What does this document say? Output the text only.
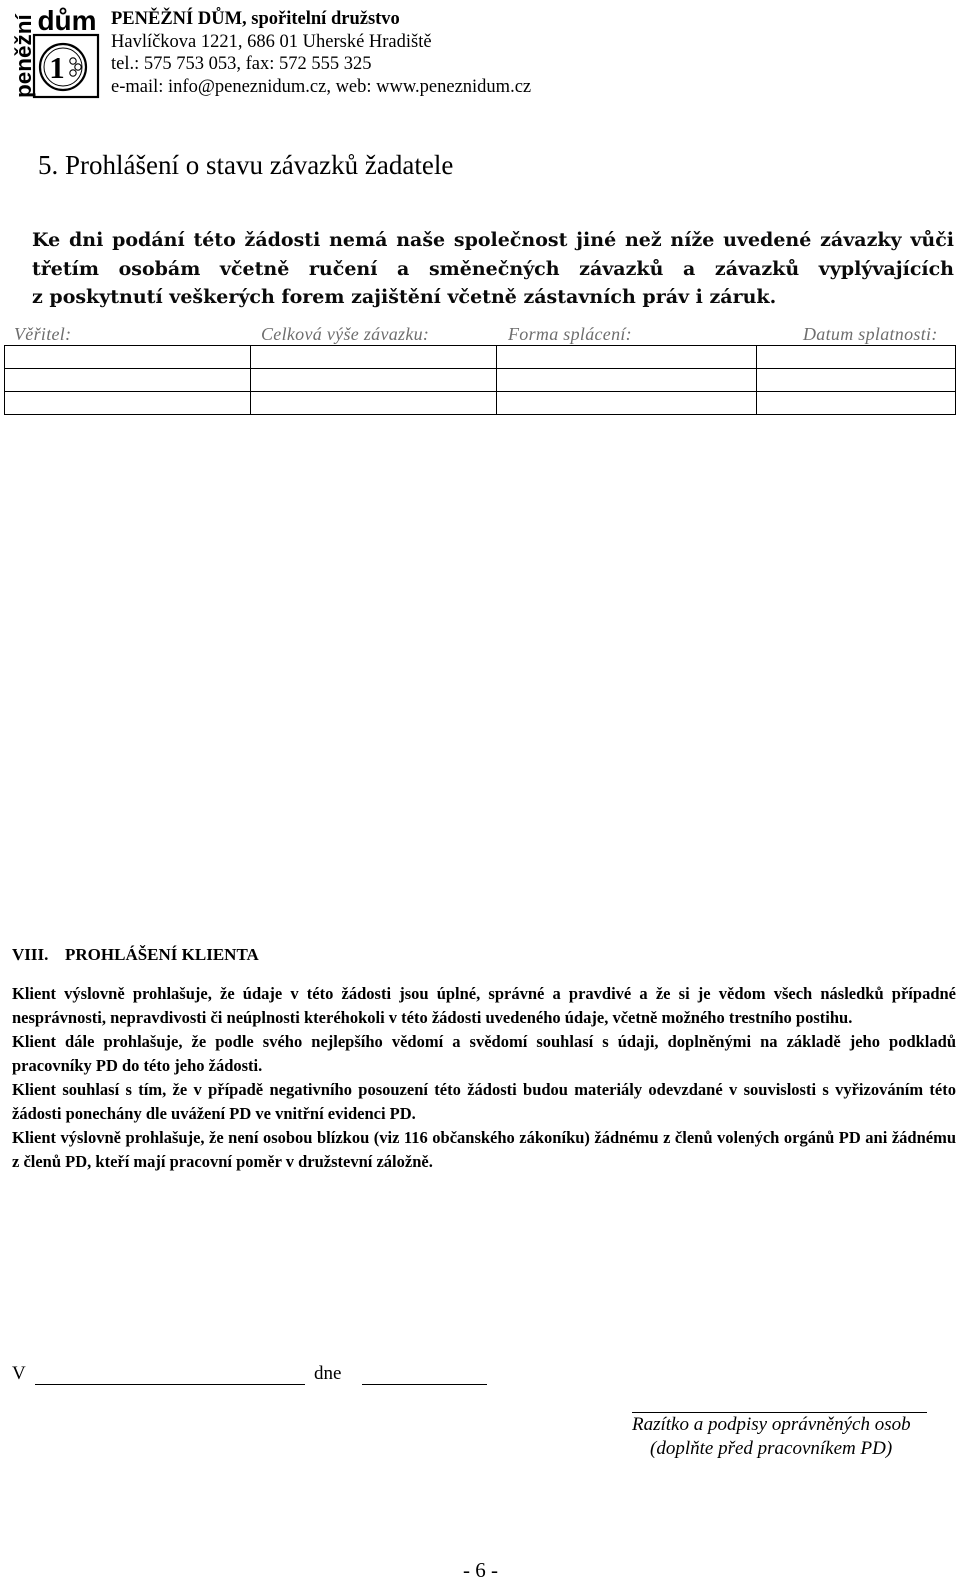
dům
peněžní 1
PENĚŽNÍ DŮM, spořitelní družstvo
Havlíčkova 1221, 686 01 Uherské Hradiště
tel.: 575 753 053, fax: 572 555 325
e-mail: info@peneznidum.cz, web: www.peneznidum.cz
5. Prohlášení o stavu závazků žadatele
Ke dni podání této žádosti nemá naše společnost jiné než níže uvedené závazky vůči
třetím osobám včetně ručení a směnečných závazků a závazků vyplývajících
z poskytnutí veškerých forem zajištění včetně zástavních práv i záruk.
Věřitel:	Celková výše závazku:	Forma splácení:	Datum splatnosti:

VIII. PROHLÁŠENÍ KLIENTA

Klient výslovně prohlašuje, že údaje v této žádosti jsou úplné, správné a pravdivé a že si je vědom všech následků případné nesprávnosti, nepravdivosti či neúplnosti kteréhokoli v této žádosti uvedeného údaje, včetně možného trestního postihu.

Klient dále prohlašuje, že podle svého nejlepšího vědomí a svědomí souhlasí s údaji, doplněnými na základě jeho podkladů pracovníky PD do této jeho žádosti.

Klient souhlasí s tím, že v případě negativního posouzení této žádosti budou materiály odevzdané v souvislosti s vyřizováním této žádosti ponechány dle uvážení PD ve vnitřní evidenci PD.

Klient výslovně prohlašuje, že není osobou blízkou (viz 116 občanského zákoníku) žádnému z členů volených orgánů PD ani žádnému z členů PD, kteří mají pracovní poměr v družstevní záložně.

V	dne
Razítko a podpisy oprávněných osob
(doplňte před pracovníkem PD)
- 6 -
